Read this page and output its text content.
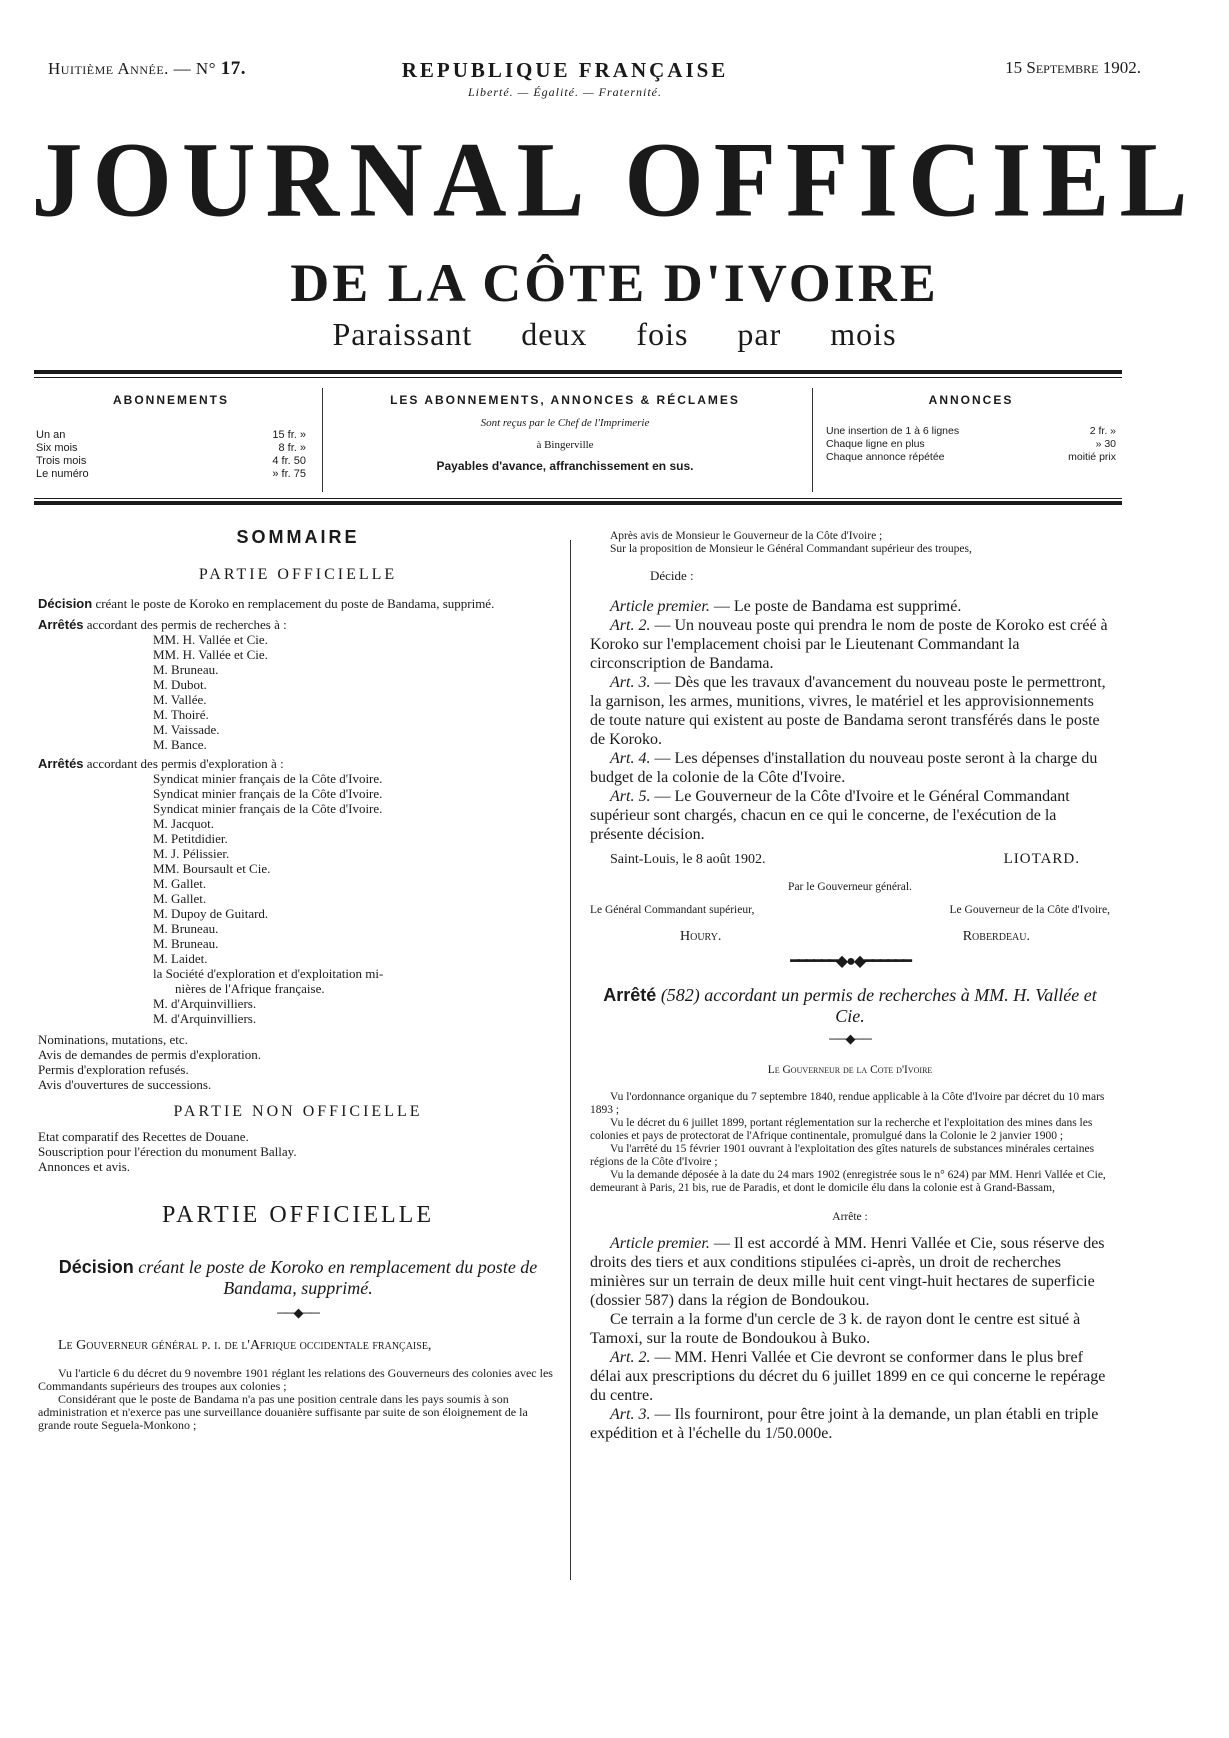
Huitième Année. — N° 17.	REPUBLIQUE FRANÇAISE
Liberté. — Égalité. — Fraternité.
15 Septembre 1902.
JOURNAL OFFICIEL
DE LA CÔTE D'IVOIRE
Paraissant deux fois par mois
ABONNEMENTS
Un an	15 fr. »
Six mois	8 fr. »
Trois mois	4 fr. 50
Le numéro	» fr. 75
LES ABONNEMENTS, ANNONCES & RÉCLAMES
Sont reçus par le Chef de l'Imprimerie
à Bingerville
Payables d'avance, affranchissement en sus.
ANNONCES
Une insertion de 1 à 6 lignes	2 fr. »
Chaque ligne en plus	» 30
Chaque annonce répétée	moitié prix
SOMMAIRE
PARTIE OFFICIELLE

Décision créant le poste de Koroko en remplacement du poste de Bandama, supprimé.

Arrêtés accordant des permis de recherches à :

MM. H. Vallée et Cie.

MM. H. Vallée et Cie.

M. Bruneau.

M. Dubot.

M. Vallée.

M. Thoiré.

M. Vaissade.

M. Bance.

Arrêtés accordant des permis d'exploration à :

Syndicat minier français de la Côte d'Ivoire.

Syndicat minier français de la Côte d'Ivoire.

Syndicat minier français de la Côte d'Ivoire.

M. Jacquot.

M. Petitdidier.

M. J. Pélissier.

MM. Boursault et Cie.

M. Gallet.

M. Gallet.

M. Dupoy de Guitard.

M. Bruneau.

M. Bruneau.

M. Laidet.

la Société d'exploration et d'exploitation mi-

nières de l'Afrique française.

M. d'Arquinvilliers.

M. d'Arquinvilliers.

Nominations, mutations, etc.

Avis de demandes de permis d'exploration.

Permis d'exploration refusés.

Avis d'ouvertures de successions.

PARTIE NON OFFICIELLE

Etat comparatif des Recettes de Douane.

Souscription pour l'érection du monument Ballay.

Annonces et avis.

PARTIE OFFICIELLE

Décision créant le poste de Koroko en remplacement du poste de Bandama, supprimé.

──◆──

Le Gouverneur général p. i. de l'Afrique occidentale française,

Vu l'article 6 du décret du 9 novembre 1901 réglant les relations des Gouverneurs des colonies avec les Commandants supérieurs des troupes aux colonies ;

Considérant que le poste de Bandama n'a pas une position centrale dans les pays soumis à son administration et n'exerce pas une surveillance douanière suffisante par suite de son éloignement de la grande route Seguela-Monkono ;

Après avis de Monsieur le Gouverneur de la Côte d'Ivoire ;

Sur la proposition de Monsieur le Général Commandant supérieur des troupes,

Décide :

Article premier. — Le poste de Bandama est supprimé.

Art. 2. — Un nouveau poste qui prendra le nom de poste de Koroko est créé à Koroko sur l'emplacement choisi par le Lieutenant Commandant la circonscription de Bandama.

Art. 3. — Dès que les travaux d'avancement du nouveau poste le permettront, la garnison, les armes, munitions, vivres, le matériel et les approvisionnements de toute nature qui existent au poste de Bandama seront transférés dans le poste de Koroko.

Art. 4. — Les dépenses d'installation du nouveau poste seront à la charge du budget de la colonie de la Côte d'Ivoire.

Art. 5. — Le Gouverneur de la Côte d'Ivoire et le Général Commandant supérieur sont chargés, chacun en ce qui le concerne, de l'exécution de la présente décision.

Saint-Louis, le 8 août 1902.	LIOTARD.

Par le Gouverneur général.

Le Général Commandant supérieur,	Le Gouverneur de la Côte d'Ivoire,
Houry.	Roberdeau.
━━━━━━◆●◆━━━━━━

Arrêté (582) accordant un permis de recherches à MM. H. Vallée et Cie.

──◆──

Le Gouverneur de la Cote d'Ivoire

Vu l'ordonnance organique du 7 septembre 1840, rendue applicable à la Côte d'Ivoire par décret du 10 mars 1893 ;

Vu le décret du 6 juillet 1899, portant réglementation sur la recherche et l'exploitation des mines dans les colonies et pays de protectorat de l'Afrique continentale, promulgué dans la Colonie le 2 janvier 1900 ;

Vu l'arrêté du 15 février 1901 ouvrant à l'exploitation des gîtes naturels de substances minérales certaines régions de la Côte d'Ivoire ;

Vu la demande déposée à la date du 24 mars 1902 (enregistrée sous le n° 624) par MM. Henri Vallée et Cie, demeurant à Paris, 21 bis, rue de Paradis, et dont le domicile élu dans la colonie est à Grand-Bassam,

Arrête :

Article premier. — Il est accordé à MM. Henri Vallée et Cie, sous réserve des droits des tiers et aux conditions stipulées ci-après, un droit de recherches minières sur un terrain de deux mille huit cent vingt-huit hectares de superficie (dossier 587) dans la région de Bondoukou.

Ce terrain a la forme d'un cercle de 3 k. de rayon dont le centre est situé à Tamoxi, sur la route de Bondoukou à Buko.

Art. 2. — MM. Henri Vallée et Cie devront se conformer dans le plus bref délai aux prescriptions du décret du 6 juillet 1899 en ce qui concerne le repérage du centre.

Art. 3. — Ils fourniront, pour être joint à la demande, un plan établi en triple expédition et à l'échelle du 1/50.000e.
